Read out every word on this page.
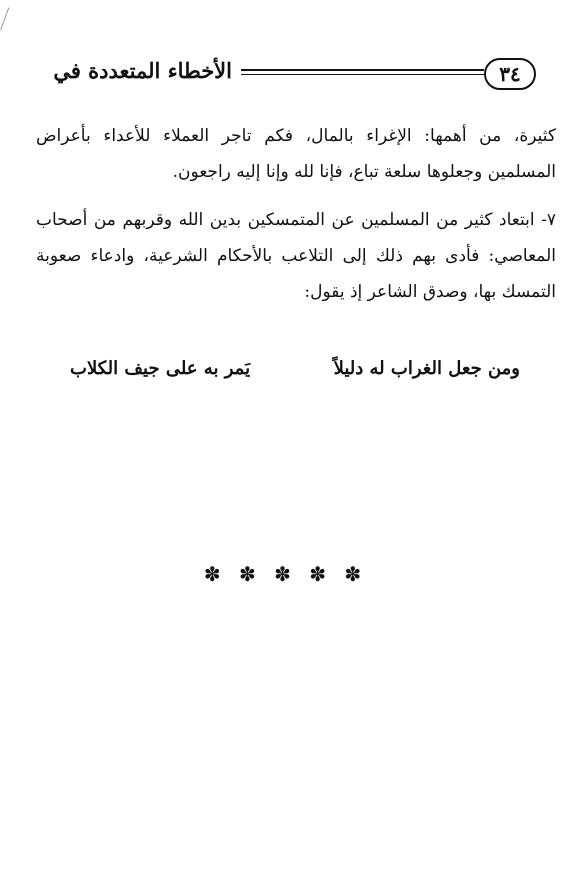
الأخطاء المتعددة في	٣٤

كثيرة، من أهمها: الإغراء بالمال، فكم تاجر العملاء للأعداء بأعراض المسلمين وجعلوها سلعة تباع، فإنا لله وإنا إليه راجعون.

٧- ابتعاد كثير من المسلمين عن المتمسكين بدين الله وقربهم من أصحاب المعاصي: فأدى بهم ذلك إلى التلاعب بالأحكام الشرعية، وادعاء صعوبة التمسك بها، وصدق الشاعر إذ يقول:

ومن جعل الغراب له دليلاً
يَمر به على جيف الكلاب
✽ ✽ ✽ ✽ ✽
